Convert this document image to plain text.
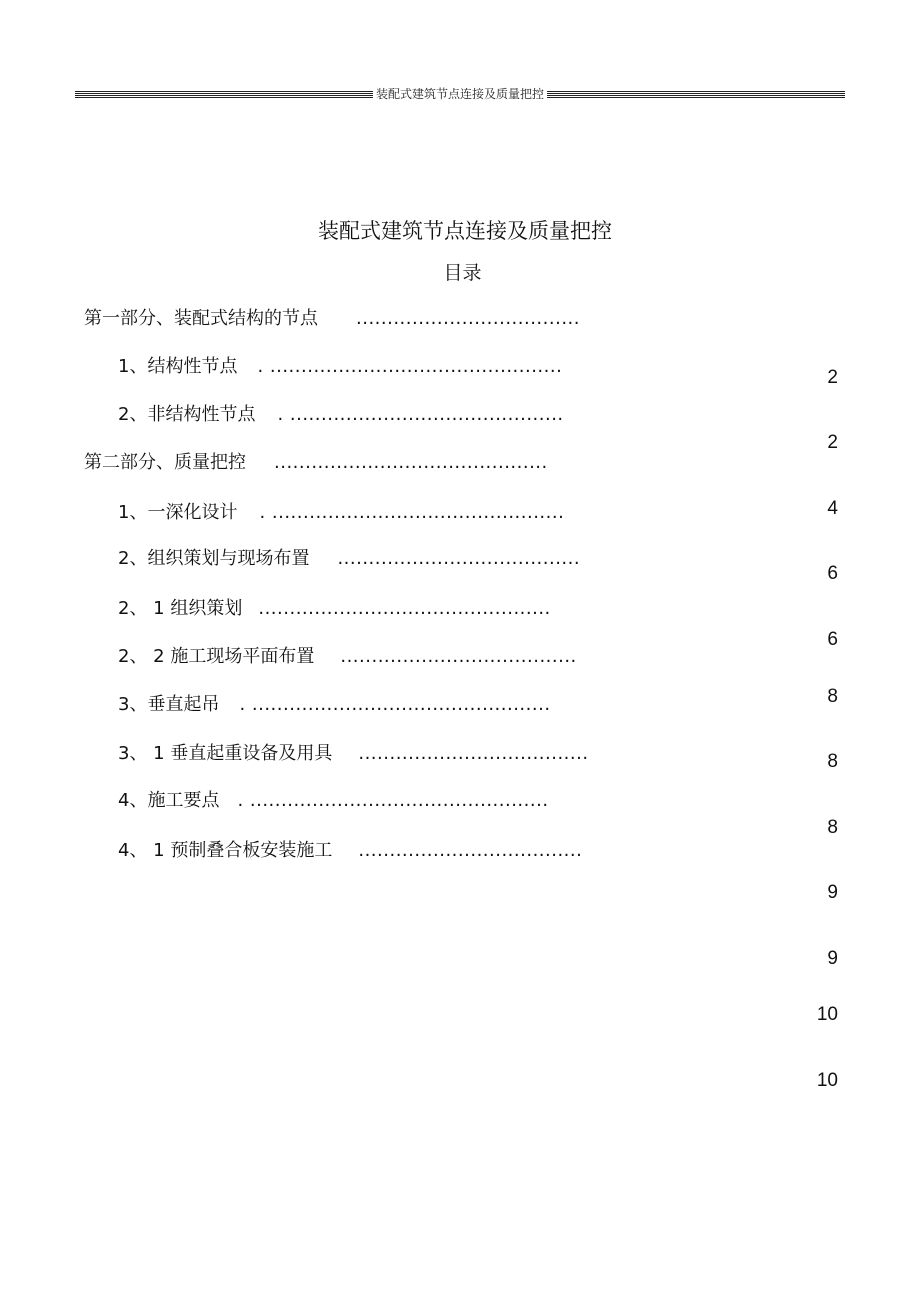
装配式建筑节点连接及质量把控
装配式建筑节点连接及质量把控
目录
第一部分、装配式结构的节点 ....................................
1、结构性节点 . ...............................................
2、非结构性节点 . ............................................
第二部分、质量把控 ............................................
1、一深化设计 . ...............................................
2、组织策划与现场布置 .......................................
2、 1 组织策划 ...............................................
2、 2 施工现场平面布置 ......................................
3、垂直起吊 . ................................................
3、 1 垂直起重设备及用具 .....................................
4、施工要点 . ................................................
4、 1 预制叠合板安装施工 ....................................
2
2
4
6
6
8
8
8
9
9
10
10
